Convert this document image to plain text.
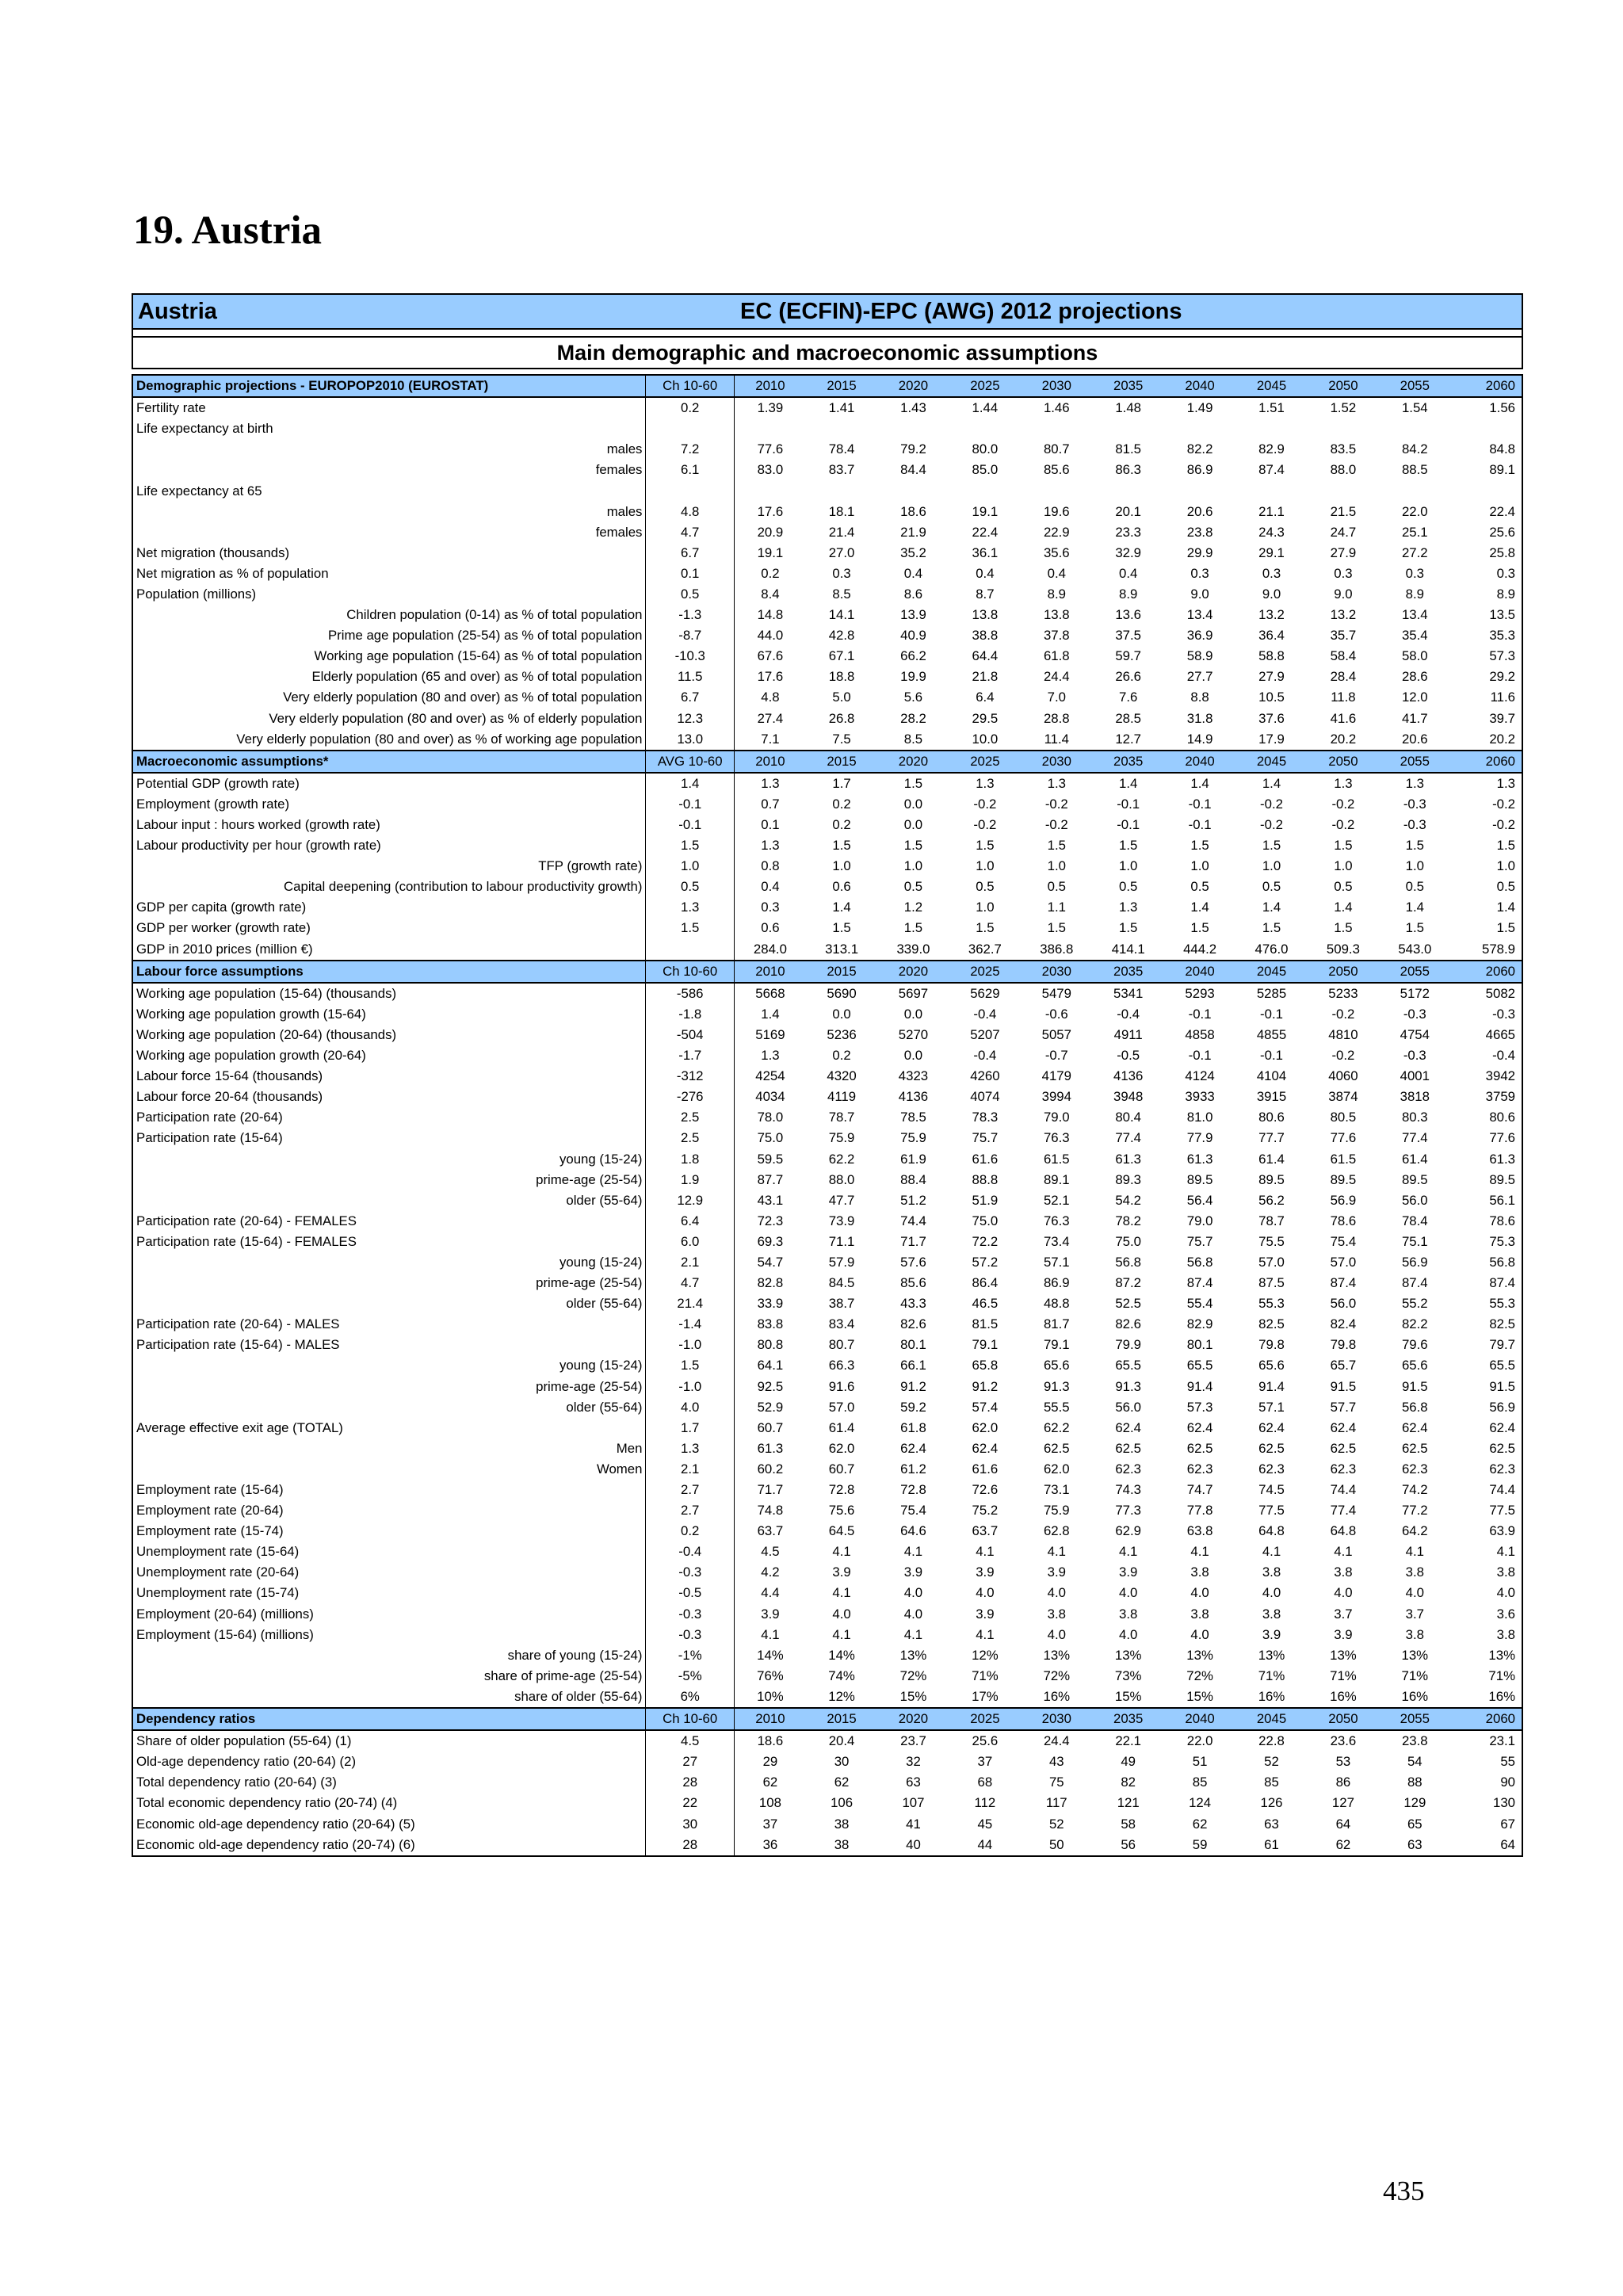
19. Austria
Austria	EC (ECFIN)-EPC (AWG) 2012 projections
Main demographic and macroeconomic assumptions
Demographic projections - EUROPOP2010 (EUROSTAT)	Ch 10-60	2010	2015	2020	2025	2030	2035	2040	2045	2050	2055	2060
Fertility rate	0.2	1.39	1.41	1.43	1.44	1.46	1.48	1.49	1.51	1.52	1.54	1.56
Life expectancy at birth												
males	7.2	77.6	78.4	79.2	80.0	80.7	81.5	82.2	82.9	83.5	84.2	84.8
females	6.1	83.0	83.7	84.4	85.0	85.6	86.3	86.9	87.4	88.0	88.5	89.1
Life expectancy at 65												
males	4.8	17.6	18.1	18.6	19.1	19.6	20.1	20.6	21.1	21.5	22.0	22.4
females	4.7	20.9	21.4	21.9	22.4	22.9	23.3	23.8	24.3	24.7	25.1	25.6
Net migration (thousands)	6.7	19.1	27.0	35.2	36.1	35.6	32.9	29.9	29.1	27.9	27.2	25.8
Net migration as % of population	0.1	0.2	0.3	0.4	0.4	0.4	0.4	0.3	0.3	0.3	0.3	0.3
Population (millions)	0.5	8.4	8.5	8.6	8.7	8.9	8.9	9.0	9.0	9.0	8.9	8.9
Children population (0-14) as % of total population	-1.3	14.8	14.1	13.9	13.8	13.8	13.6	13.4	13.2	13.2	13.4	13.5
Prime age population (25-54) as % of total population	-8.7	44.0	42.8	40.9	38.8	37.8	37.5	36.9	36.4	35.7	35.4	35.3
Working age population (15-64) as % of total population	-10.3	67.6	67.1	66.2	64.4	61.8	59.7	58.9	58.8	58.4	58.0	57.3
Elderly population (65 and over) as % of total population	11.5	17.6	18.8	19.9	21.8	24.4	26.6	27.7	27.9	28.4	28.6	29.2
Very elderly population (80 and over) as % of total population	6.7	4.8	5.0	5.6	6.4	7.0	7.6	8.8	10.5	11.8	12.0	11.6
Very elderly population (80 and over) as % of elderly population	12.3	27.4	26.8	28.2	29.5	28.8	28.5	31.8	37.6	41.6	41.7	39.7
Very elderly population (80 and over) as % of working age population	13.0	7.1	7.5	8.5	10.0	11.4	12.7	14.9	17.9	20.2	20.6	20.2
Macroeconomic assumptions*	AVG 10-60	2010	2015	2020	2025	2030	2035	2040	2045	2050	2055	2060
Potential GDP (growth rate)	1.4	1.3	1.7	1.5	1.3	1.3	1.4	1.4	1.4	1.3	1.3	1.3
Employment (growth rate)	-0.1	0.7	0.2	0.0	-0.2	-0.2	-0.1	-0.1	-0.2	-0.2	-0.3	-0.2
Labour input : hours worked (growth rate)	-0.1	0.1	0.2	0.0	-0.2	-0.2	-0.1	-0.1	-0.2	-0.2	-0.3	-0.2
Labour productivity per hour (growth rate)	1.5	1.3	1.5	1.5	1.5	1.5	1.5	1.5	1.5	1.5	1.5	1.5
TFP (growth rate)	1.0	0.8	1.0	1.0	1.0	1.0	1.0	1.0	1.0	1.0	1.0	1.0
Capital deepening (contribution to labour productivity growth)	0.5	0.4	0.6	0.5	0.5	0.5	0.5	0.5	0.5	0.5	0.5	0.5
GDP per capita (growth rate)	1.3	0.3	1.4	1.2	1.0	1.1	1.3	1.4	1.4	1.4	1.4	1.4
GDP per worker (growth rate)	1.5	0.6	1.5	1.5	1.5	1.5	1.5	1.5	1.5	1.5	1.5	1.5
GDP in 2010 prices (million €)		284.0	313.1	339.0	362.7	386.8	414.1	444.2	476.0	509.3	543.0	578.9
Labour force assumptions	Ch 10-60	2010	2015	2020	2025	2030	2035	2040	2045	2050	2055	2060
Working age population (15-64) (thousands)	-586	5668	5690	5697	5629	5479	5341	5293	5285	5233	5172	5082
Working age population growth (15-64)	-1.8	1.4	0.0	0.0	-0.4	-0.6	-0.4	-0.1	-0.1	-0.2	-0.3	-0.3
Working age population (20-64) (thousands)	-504	5169	5236	5270	5207	5057	4911	4858	4855	4810	4754	4665
Working age population growth (20-64)	-1.7	1.3	0.2	0.0	-0.4	-0.7	-0.5	-0.1	-0.1	-0.2	-0.3	-0.4
Labour force 15-64 (thousands)	-312	4254	4320	4323	4260	4179	4136	4124	4104	4060	4001	3942
Labour force 20-64 (thousands)	-276	4034	4119	4136	4074	3994	3948	3933	3915	3874	3818	3759
Participation rate (20-64)	2.5	78.0	78.7	78.5	78.3	79.0	80.4	81.0	80.6	80.5	80.3	80.6
Participation rate (15-64)	2.5	75.0	75.9	75.9	75.7	76.3	77.4	77.9	77.7	77.6	77.4	77.6
young (15-24)	1.8	59.5	62.2	61.9	61.6	61.5	61.3	61.3	61.4	61.5	61.4	61.3
prime-age (25-54)	1.9	87.7	88.0	88.4	88.8	89.1	89.3	89.5	89.5	89.5	89.5	89.5
older (55-64)	12.9	43.1	47.7	51.2	51.9	52.1	54.2	56.4	56.2	56.9	56.0	56.1
Participation rate (20-64) - FEMALES	6.4	72.3	73.9	74.4	75.0	76.3	78.2	79.0	78.7	78.6	78.4	78.6
Participation rate (15-64) - FEMALES	6.0	69.3	71.1	71.7	72.2	73.4	75.0	75.7	75.5	75.4	75.1	75.3
young (15-24)	2.1	54.7	57.9	57.6	57.2	57.1	56.8	56.8	57.0	57.0	56.9	56.8
prime-age (25-54)	4.7	82.8	84.5	85.6	86.4	86.9	87.2	87.4	87.5	87.4	87.4	87.4
older (55-64)	21.4	33.9	38.7	43.3	46.5	48.8	52.5	55.4	55.3	56.0	55.2	55.3
Participation rate (20-64) - MALES	-1.4	83.8	83.4	82.6	81.5	81.7	82.6	82.9	82.5	82.4	82.2	82.5
Participation rate (15-64) - MALES	-1.0	80.8	80.7	80.1	79.1	79.1	79.9	80.1	79.8	79.8	79.6	79.7
young (15-24)	1.5	64.1	66.3	66.1	65.8	65.6	65.5	65.5	65.6	65.7	65.6	65.5
prime-age (25-54)	-1.0	92.5	91.6	91.2	91.2	91.3	91.3	91.4	91.4	91.5	91.5	91.5
older (55-64)	4.0	52.9	57.0	59.2	57.4	55.5	56.0	57.3	57.1	57.7	56.8	56.9
Average effective exit age (TOTAL)	1.7	60.7	61.4	61.8	62.0	62.2	62.4	62.4	62.4	62.4	62.4	62.4
Men	1.3	61.3	62.0	62.4	62.4	62.5	62.5	62.5	62.5	62.5	62.5	62.5
Women	2.1	60.2	60.7	61.2	61.6	62.0	62.3	62.3	62.3	62.3	62.3	62.3
Employment rate (15-64)	2.7	71.7	72.8	72.8	72.6	73.1	74.3	74.7	74.5	74.4	74.2	74.4
Employment rate (20-64)	2.7	74.8	75.6	75.4	75.2	75.9	77.3	77.8	77.5	77.4	77.2	77.5
Employment rate (15-74)	0.2	63.7	64.5	64.6	63.7	62.8	62.9	63.8	64.8	64.8	64.2	63.9
Unemployment rate (15-64)	-0.4	4.5	4.1	4.1	4.1	4.1	4.1	4.1	4.1	4.1	4.1	4.1
Unemployment rate (20-64)	-0.3	4.2	3.9	3.9	3.9	3.9	3.9	3.8	3.8	3.8	3.8	3.8
Unemployment rate (15-74)	-0.5	4.4	4.1	4.0	4.0	4.0	4.0	4.0	4.0	4.0	4.0	4.0
Employment (20-64) (millions)	-0.3	3.9	4.0	4.0	3.9	3.8	3.8	3.8	3.8	3.7	3.7	3.6
Employment (15-64) (millions)	-0.3	4.1	4.1	4.1	4.1	4.0	4.0	4.0	3.9	3.9	3.8	3.8
share of young (15-24)	-1%	14%	14%	13%	12%	13%	13%	13%	13%	13%	13%	13%
share of prime-age (25-54)	-5%	76%	74%	72%	71%	72%	73%	72%	71%	71%	71%	71%
share of older (55-64)	6%	10%	12%	15%	17%	16%	15%	15%	16%	16%	16%	16%
Dependency ratios	Ch 10-60	2010	2015	2020	2025	2030	2035	2040	2045	2050	2055	2060
Share of older population (55-64) (1)	4.5	18.6	20.4	23.7	25.6	24.4	22.1	22.0	22.8	23.6	23.8	23.1
Old-age dependency ratio (20-64) (2)	27	29	30	32	37	43	49	51	52	53	54	55
Total dependency ratio (20-64) (3)	28	62	62	63	68	75	82	85	85	86	88	90
Total economic dependency ratio (20-74) (4)	22	108	106	107	112	117	121	124	126	127	129	130
Economic old-age dependency ratio (20-64) (5)	30	37	38	41	45	52	58	62	63	64	65	67
Economic old-age dependency ratio (20-74) (6)	28	36	38	40	44	50	56	59	61	62	63	64
435
